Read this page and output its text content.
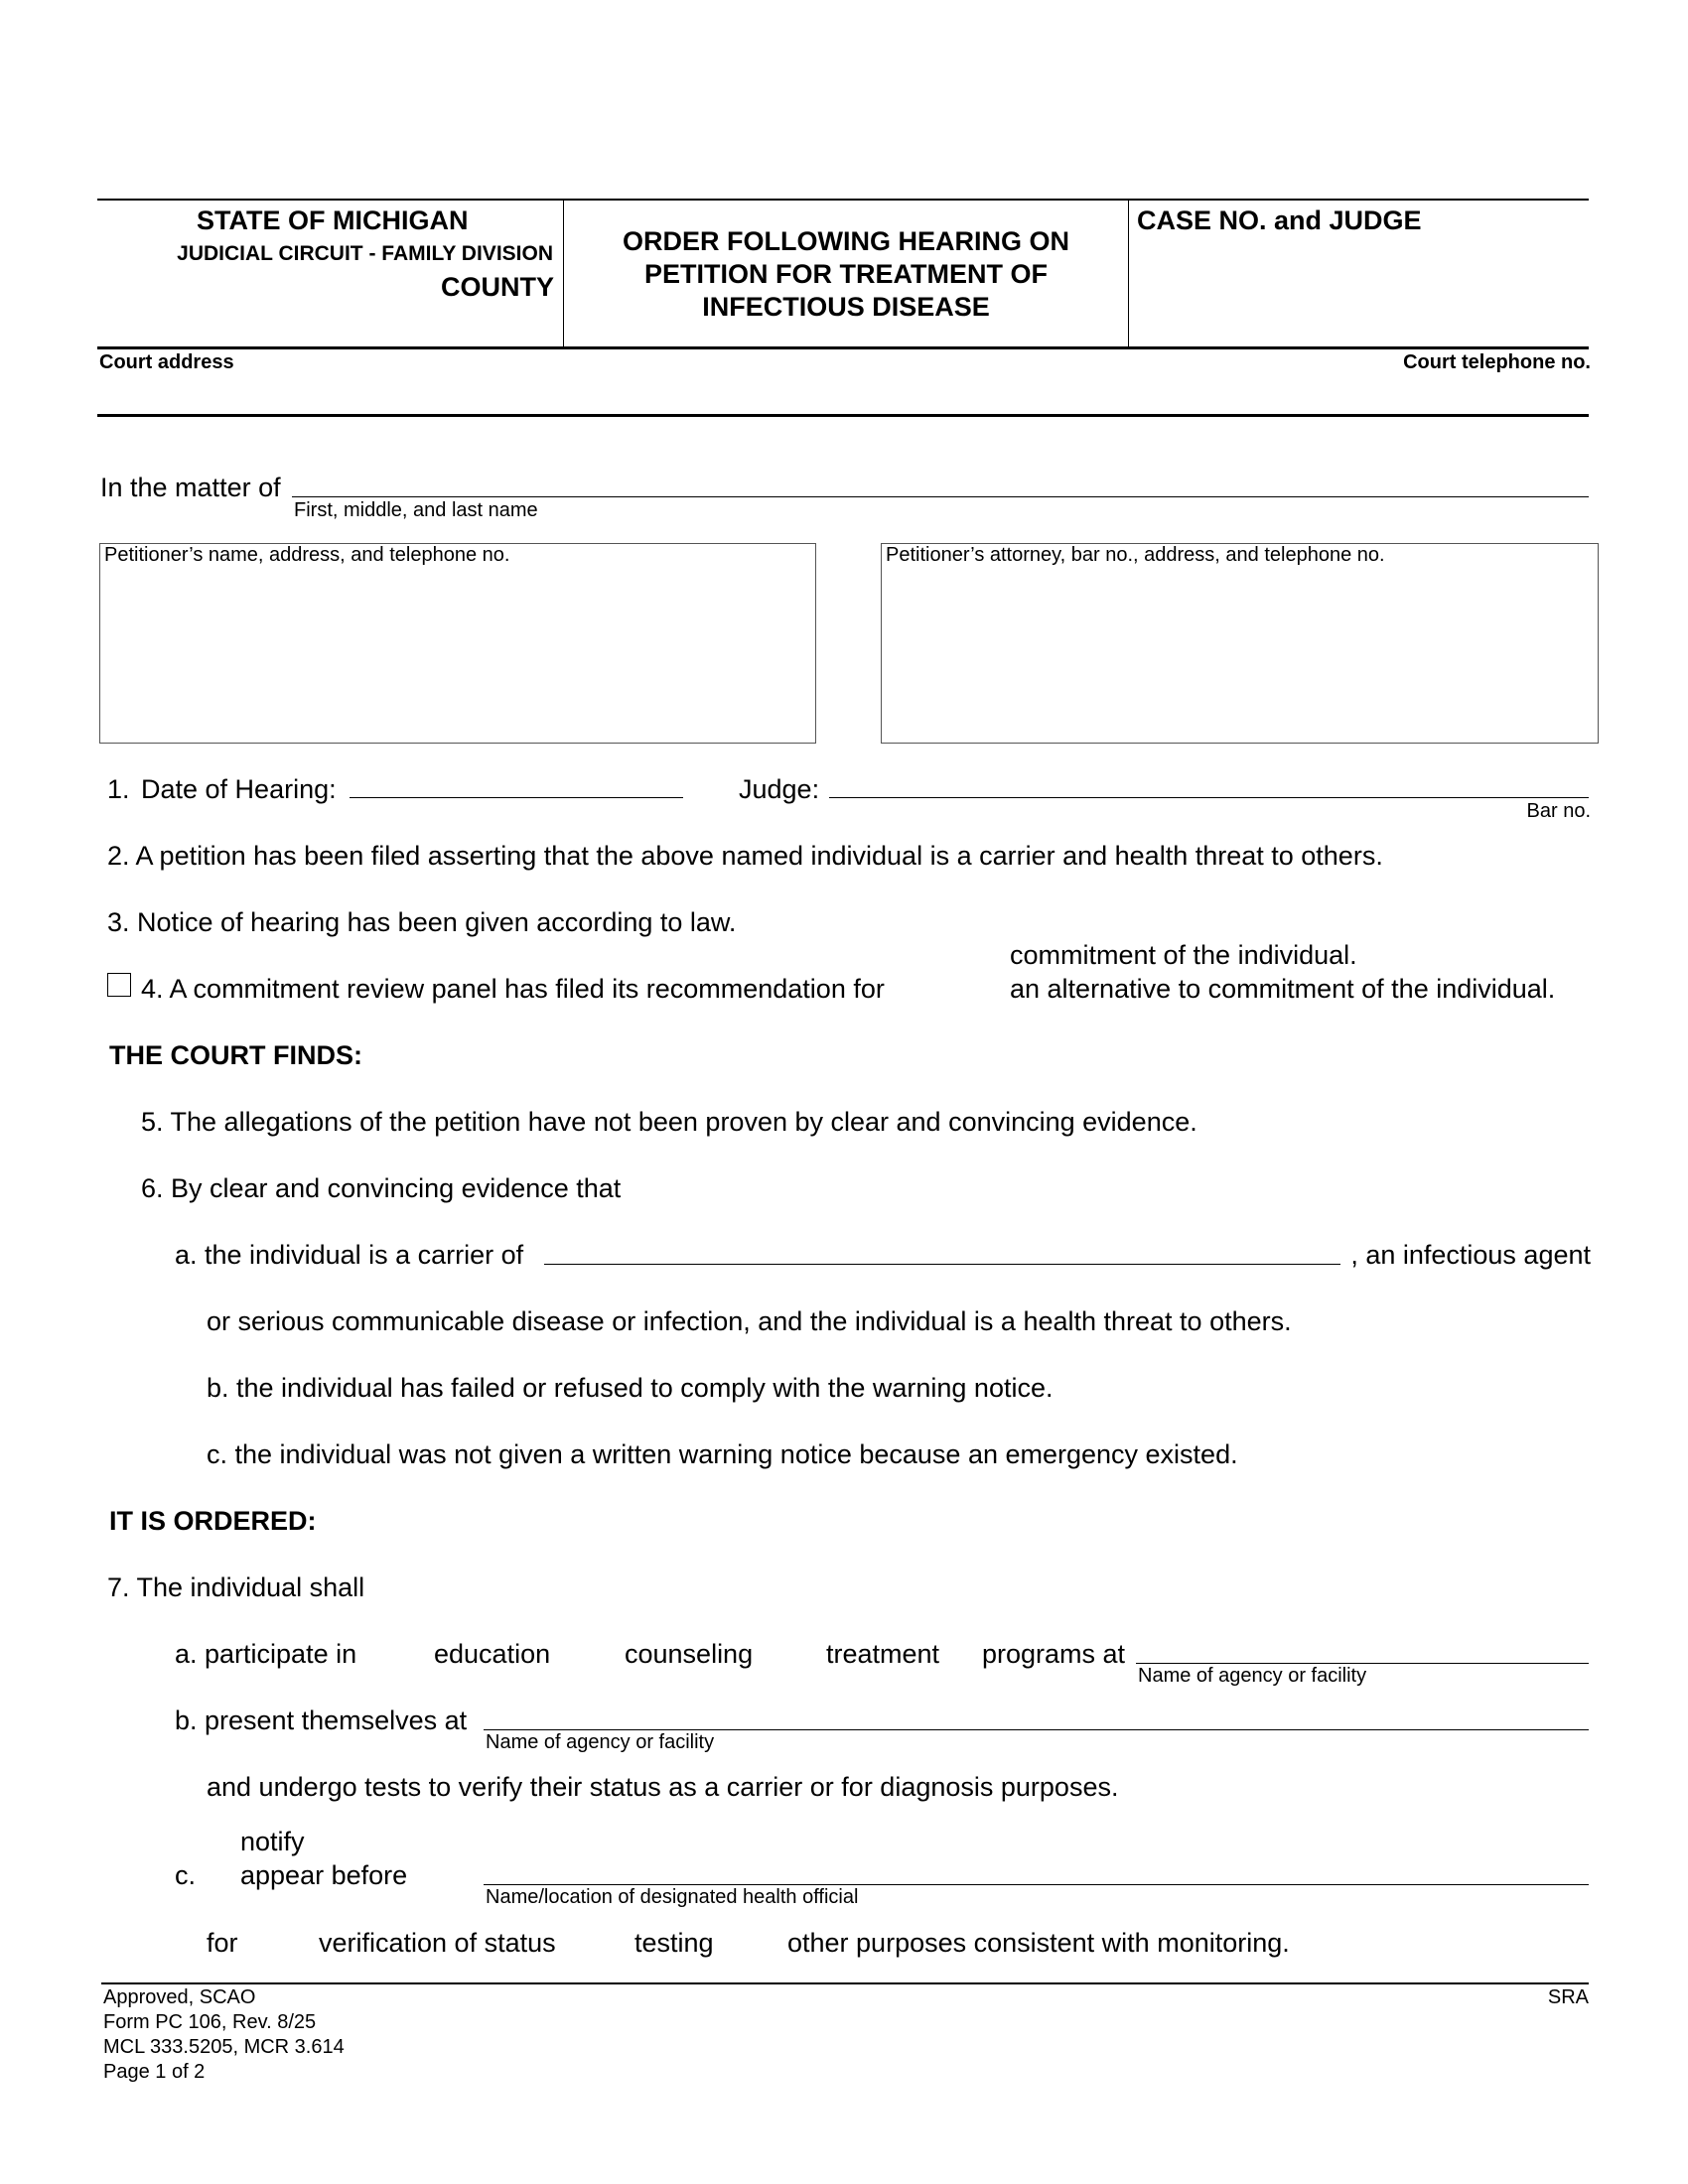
STATE OF MICHIGAN
JUDICIAL CIRCUIT - FAMILY DIVISION
COUNTY
ORDER FOLLOWING HEARING ON
PETITION FOR TREATMENT OF
INFECTIOUS DISEASE
CASE NO. and JUDGE
Court address	Court telephone no.
In the matter of
First, middle, and last name
Petitioner’s name, address, and telephone no.	Petitioner’s attorney, bar no., address, and telephone no.
1. Date of Hearing:	Judge:
Bar no.
2. A petition has been filed asserting that the above named individual is a carrier and health threat to others.
3. Notice of hearing has been given according to law.
4. A commitment review panel has filed its recommendation for
commitment of the individual.
an alternative to commitment of the individual.
THE COURT FINDS:
5. The allegations of the petition have not been proven by clear and convincing evidence.
6. By clear and convincing evidence that
a. the individual is a carrier of	, an infectious agent
or serious communicable disease or infection, and the individual is a health threat to others.
b. the individual has failed or refused to comply with the warning notice.
c. the individual was not given a written warning notice because an emergency existed.
IT IS ORDERED:
7. The individual shall
a. participate in	education	counseling	treatment programs at
Name of agency or facility
b. present themselves at
Name of agency or facility
and undergo tests to verify their status as a carrier or for diagnosis purposes.
notify
c. appear before
Name/location of designated health official
for	verification of status	testing	other purposes consistent with monitoring.
Approved, SCAO
Form PC 106, Rev. 8/25
MCL 333.5205, MCR 3.614
Page 1 of 2
SRA
